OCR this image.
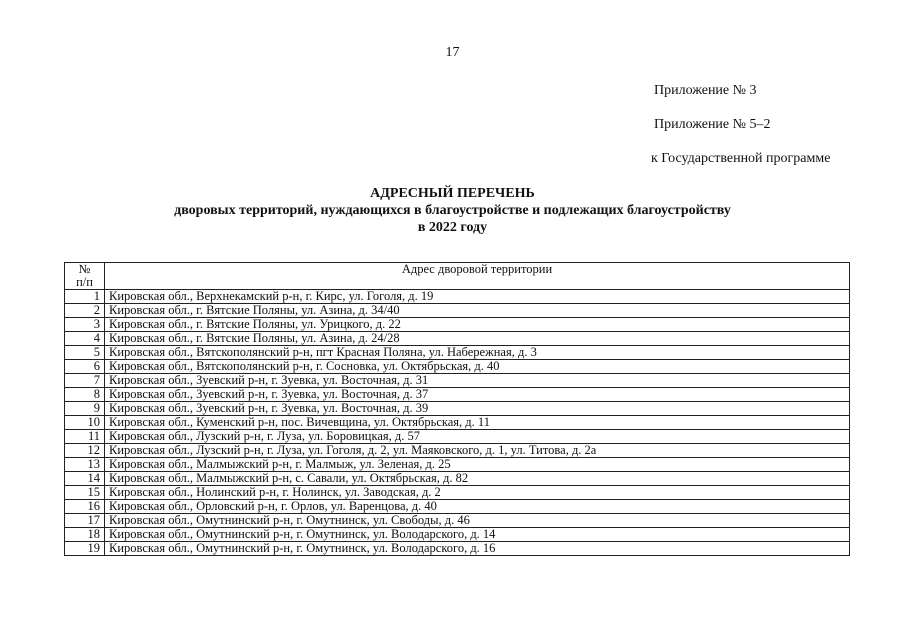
17
Приложение № 3
Приложение № 5–2
к Государственной программе
АДРЕСНЫЙ ПЕРЕЧЕНЬ
дворовых территорий, нуждающихся в благоустройстве и подлежащих благоустройству
в 2022 году
№
п/п	Адрес дворовой территории
1	Кировская обл., Верхнекамский р-н, г. Кирс, ул. Гоголя, д. 19
2	Кировская обл., г. Вятские Поляны, ул. Азина, д. 34/40
3	Кировская обл., г. Вятские Поляны, ул. Урицкого, д. 22
4	Кировская обл., г. Вятские Поляны, ул. Азина, д. 24/28
5	Кировская обл., Вятскополянский р-н, пгт Красная Поляна, ул. Набережная, д. 3
6	Кировская обл., Вятскополянский р-н, г. Сосновка, ул. Октябрьская, д. 40
7	Кировская обл., Зуевский р-н, г. Зуевка, ул. Восточная, д. 31
8	Кировская обл., Зуевский р-н, г. Зуевка, ул. Восточная, д. 37
9	Кировская обл., Зуевский р-н, г. Зуевка, ул. Восточная, д. 39
10	Кировская обл., Куменский р-н, пос. Вичевщина, ул. Октябрьская, д. 11
11	Кировская обл., Лузский р-н, г. Луза, ул. Боровицкая, д. 57
12	Кировская обл., Лузский р-н, г. Луза, ул. Гоголя, д. 2, ул. Маяковского, д. 1, ул. Титова, д. 2а
13	Кировская обл., Малмыжский р-н, г. Малмыж, ул. Зеленая, д. 25
14	Кировская обл., Малмыжский р-н, с. Савали, ул. Октябрьская, д. 82
15	Кировская обл., Нолинский р-н, г. Нолинск, ул. Заводская, д. 2
16	Кировская обл., Орловский р-н, г. Орлов, ул. Варенцова, д. 40
17	Кировская обл., Омутнинский р-н, г. Омутнинск, ул. Свободы, д. 46
18	Кировская обл., Омутнинский р-н, г. Омутнинск, ул. Володарского, д. 14
19	Кировская обл., Омутнинский р-н, г. Омутнинск, ул. Володарского, д. 16
